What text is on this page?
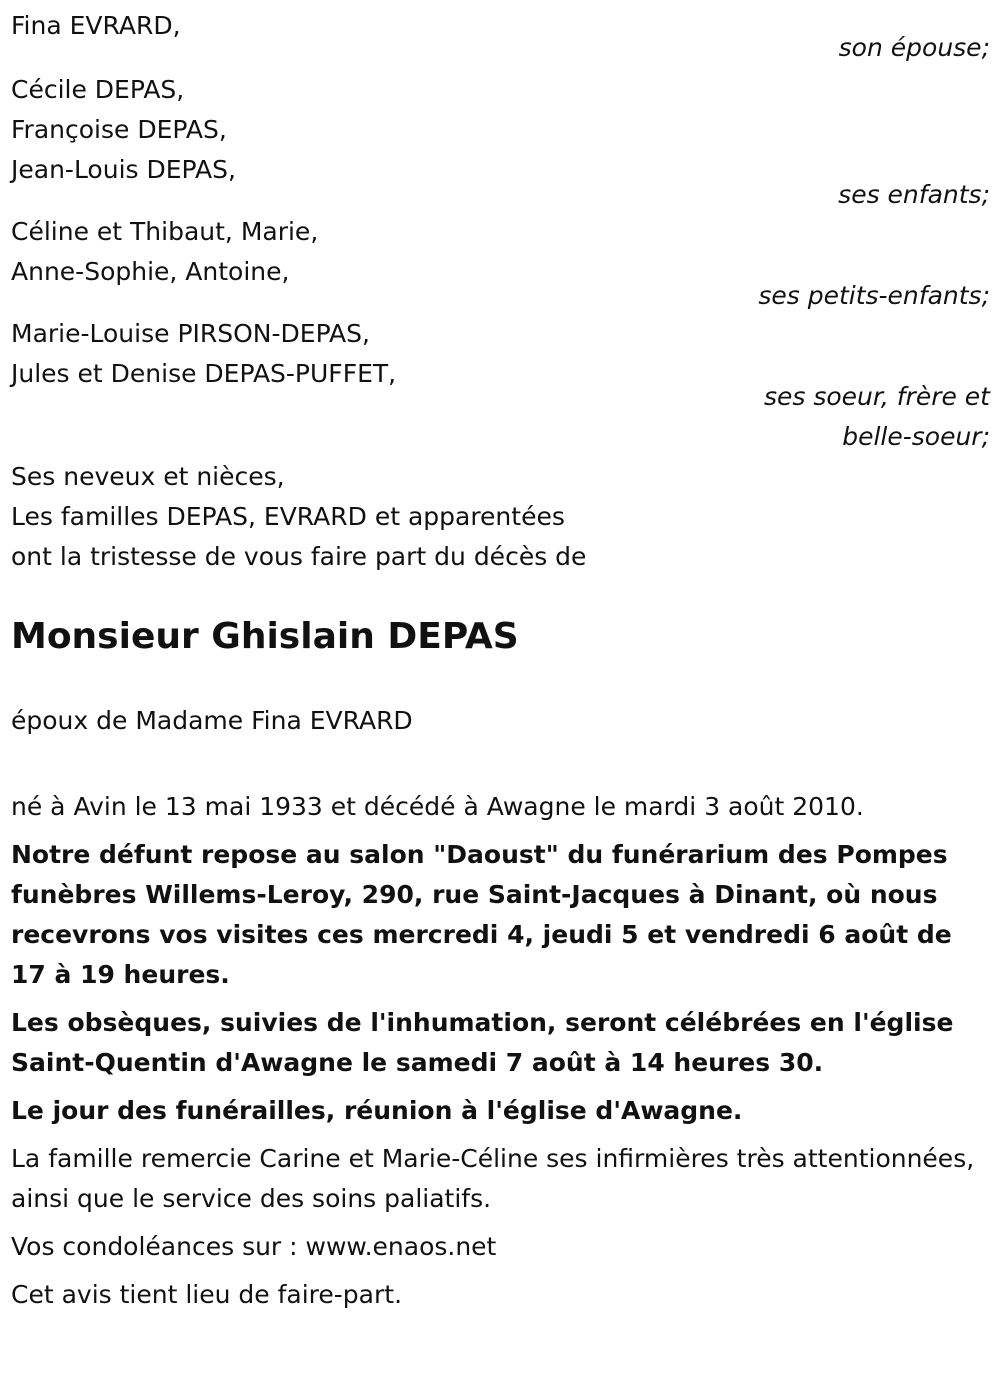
Fina EVRARD,
son épouse;
Cécile DEPAS,
Françoise DEPAS,
Jean-Louis DEPAS,
ses enfants;
Céline et Thibaut, Marie,
Anne-Sophie, Antoine,
ses petits-enfants;
Marie-Louise PIRSON-DEPAS,
Jules et Denise DEPAS-PUFFET,
ses soeur, frère et
belle-soeur;
Ses neveux et nièces,
Les familles DEPAS, EVRARD et apparentées
ont la tristesse de vous faire part du décès de
Monsieur Ghislain DEPAS
époux de Madame Fina EVRARD
né à Avin le 13 mai 1933 et décédé à Awagne le mardi 3 août 2010.
Notre défunt repose au salon "Daoust" du funérarium des Pompes funèbres Willems-Leroy, 290, rue Saint-Jacques à Dinant, où nous recevrons vos visites ces mercredi 4, jeudi 5 et vendredi 6 août de 17 à 19 heures.
Les obsèques, suivies de l'inhumation, seront célébrées en l'église Saint-Quentin d'Awagne le samedi 7 août à 14 heures 30.
Le jour des funérailles, réunion à l'église d'Awagne.
La famille remercie Carine et Marie-Céline ses infirmières très attentionnées, ainsi que le service des soins paliatifs.
Vos condoléances sur : www.enaos.net
Cet avis tient lieu de faire-part.
